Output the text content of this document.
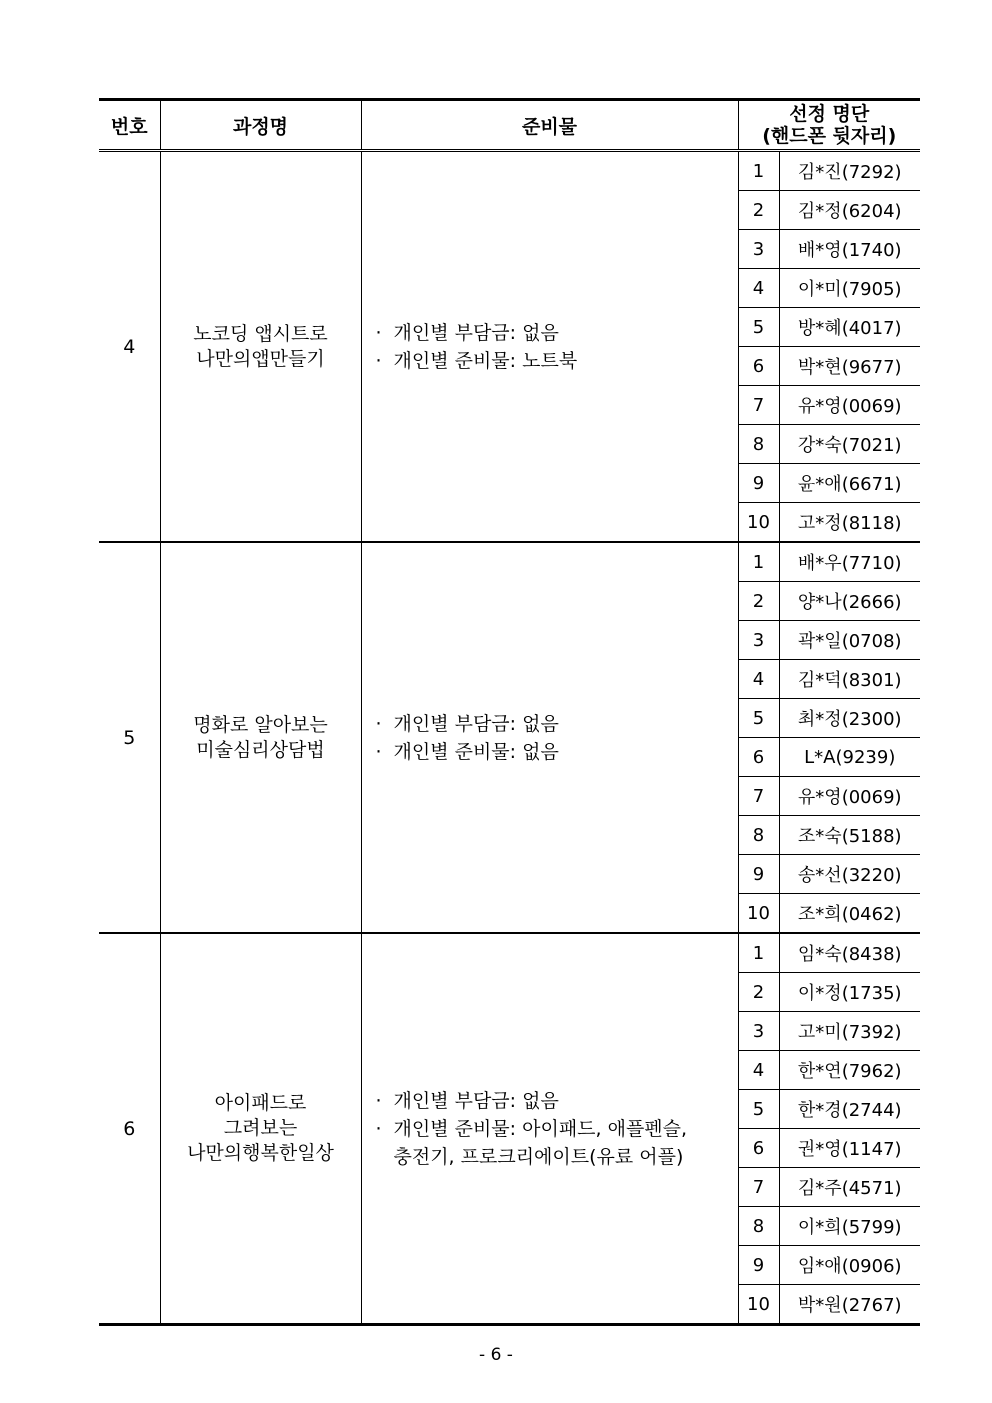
번호	과정명	준비물	
선정 명단
(핸드폰 뒷자리)

4	
노코딩 앱시트로
나만의앱만들기

· 개인별 부담금: 없음
· 개인별 준비물: 노트북

1	김*진(7292)
2	김*정(6204)
3	배*영(1740)
4	이*미(7905)
5	방*혜(4017)
6	박*현(9677)
7	유*영(0069)
8	강*숙(7021)
9	윤*애(6671)
10	고*정(8118)

5	
명화로 알아보는
미술심리상담법

· 개인별 부담금: 없음
· 개인별 준비물: 없음

1	배*우(7710)
2	양*나(2666)
3	곽*일(0708)
4	김*덕(8301)
5	최*정(2300)
6	L*A(9239)
7	유*영(0069)
8	조*숙(5188)
9	송*선(3220)
10	조*희(0462)

6	
아이패드로
그려보는
나만의행복한일상

· 개인별 부담금: 없음
· 개인별 준비물: 아이패드, 애플펜슬,
충전기, 프로크리에이트(유료 어플)

1	임*숙(8438)
2	이*정(1735)
3	고*미(7392)
4	한*연(7962)
5	한*경(2744)
6	권*영(1147)
7	김*주(4571)
8	이*희(5799)
9	임*애(0906)
10	박*원(2767)
- 6 -
